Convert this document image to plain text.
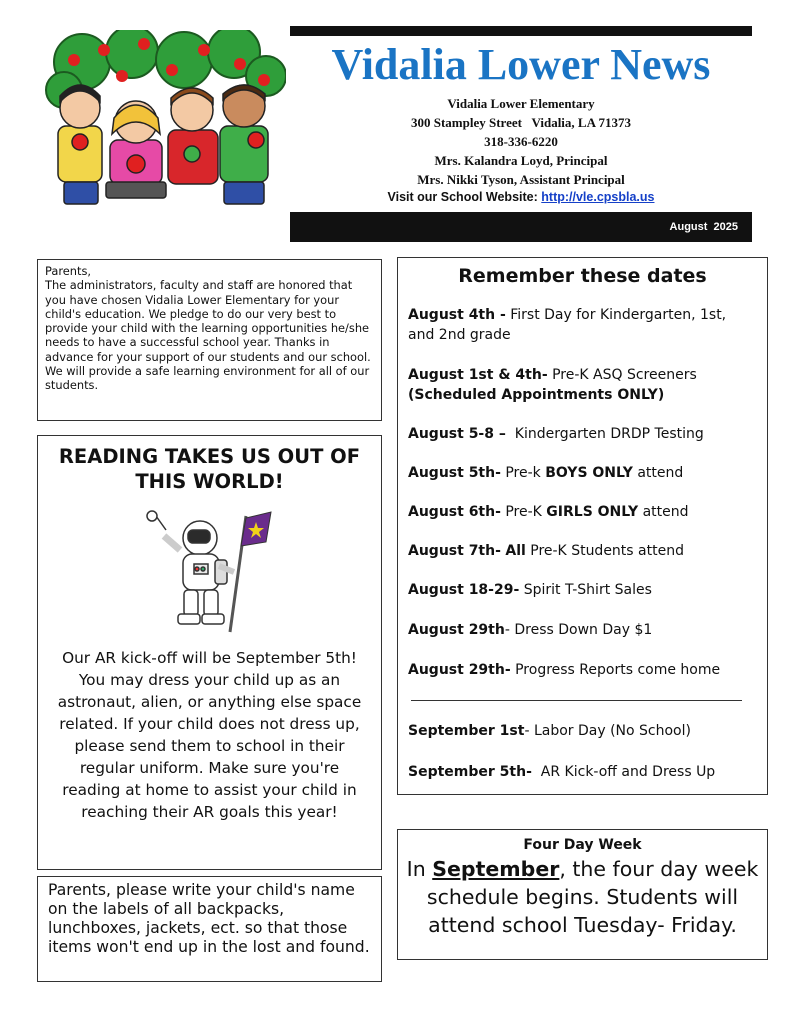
Vidalia Lower News

Vidalia Lower Elementary

300 Stampley Street   Vidalia, LA 71373

318-336-6220

Mrs. Kalandra Loyd, Principal

Mrs. Nikki Tyson, Assistant Principal

Visit our School Website: http://vle.cpsbla.us
August  2025

Parents,

The administrators, faculty and staff are honored that you have chosen Vidalia Lower Elementary for your child's education. We pledge to do our very best to provide your child with the learning opportunities he/she needs to have a successful school year. Thanks in advance for your support of our students and our school. We will provide a safe learning environment for all of our students.

READING TAKES US OUT OF THIS WORLD!

Our AR kick-off will be September 5th! You may dress your child up as an astronaut, alien, or anything else space related. If your child does not dress up, please send them to school in their regular uniform. Make sure you're reading at home to assist your child in reaching their AR goals this year!

Parents, please write your child's name on the labels of all backpacks, lunchboxes, jackets, ect. so that those items won't end up in the lost and found.

Remember these dates

August 4th - First Day for Kindergarten, 1st, and 2nd grade

August 1st & 4th- Pre-K ASQ Screeners
(Scheduled Appointments ONLY)

August 5-8 –  Kindergarten DRDP Testing

August 5th- Pre-k BOYS ONLY attend

August 6th- Pre-K GIRLS ONLY attend

August 7th- All Pre-K Students attend

August 18-29- Spirit T-Shirt Sales

August 29th- Dress Down Day $1

August 29th- Progress Reports come home

September 1st- Labor Day (No School)

September 5th-  AR Kick-off and Dress Up

Four Day Week

In September, the four day week schedule begins. Students will attend school Tuesday- Friday.
